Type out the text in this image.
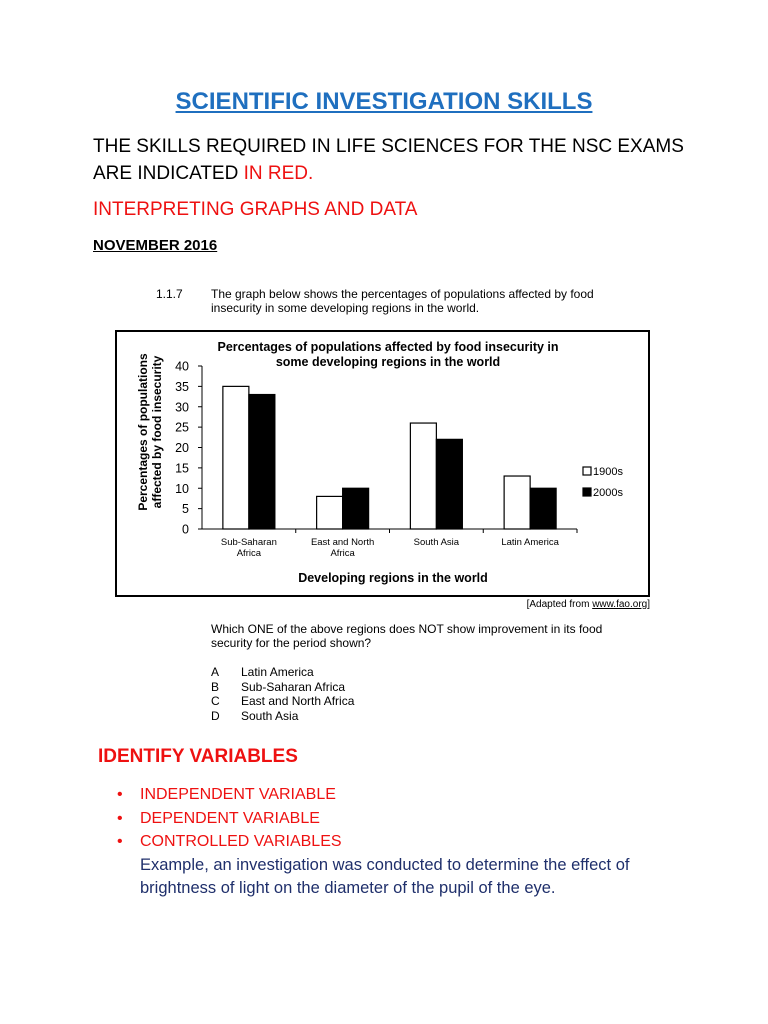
SCIENTIFIC INVESTIGATION SKILLS
THE SKILLS REQUIRED IN LIFE SCIENCES FOR THE NSC EXAMS ARE INDICATED IN RED.
INTERPRETING GRAPHS AND DATA
NOVEMBER 2016
1.1.7 The graph below shows the percentages of populations affected by food insecurity in some developing regions in the world.
Percentages of populations affected by food insecurity in
some developing regions in the world
Percentages of populations affected by food insecurity
0
5
10
15
20
25
30
35
40
Sub-Saharan
Africa
East and North
Africa
South Asia	Latin America
Developing regions in the world
1900s
2000s
[Adapted from www.fao.org]
Which ONE of the above regions does NOT show improvement in its food security for the period shown?
A Latin America
B Sub-Saharan Africa
C East and North Africa
D South Asia
IDENTIFY VARIABLES
• INDEPENDENT VARIABLE
• DEPENDENT VARIABLE
• CONTROLLED VARIABLES
Example, an investigation was conducted to determine the effect of brightness of light on the diameter of the pupil of the eye.
